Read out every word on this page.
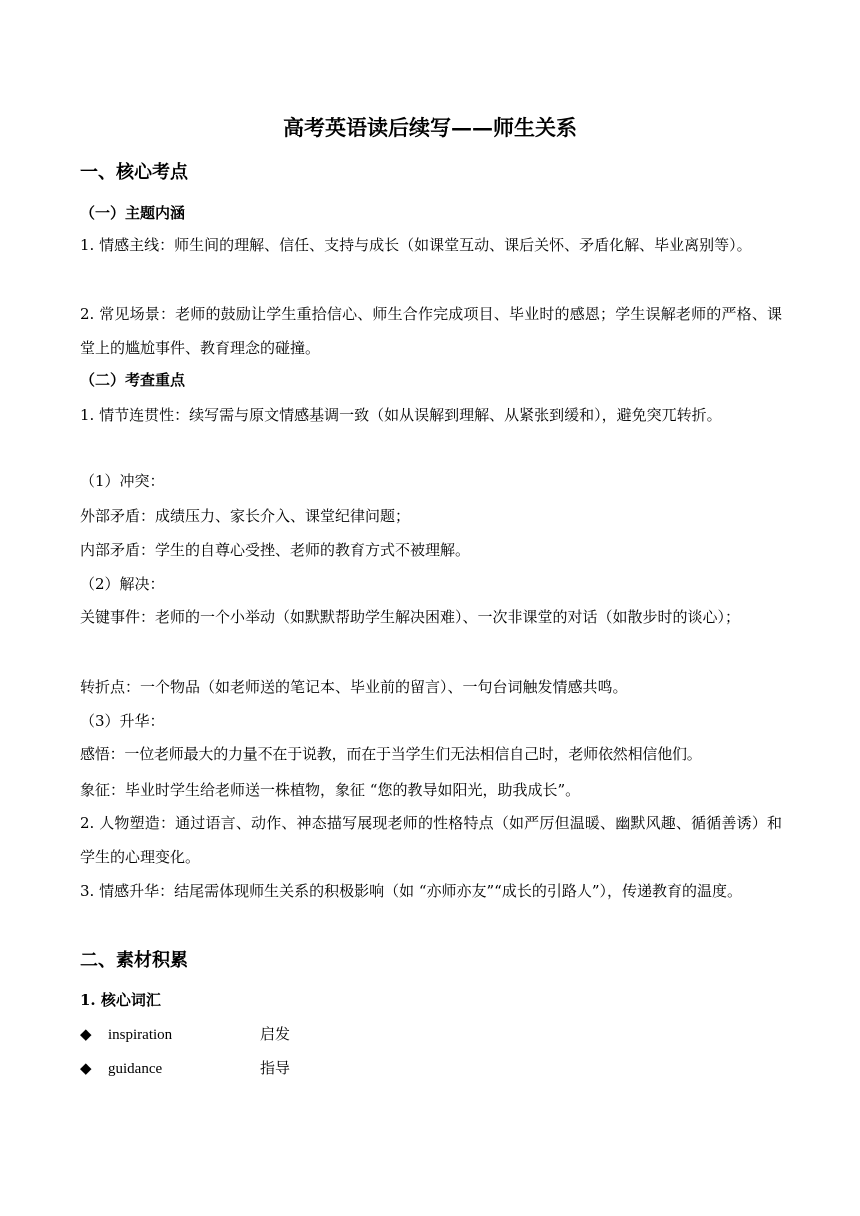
高考英语读后续写——师生关系
一、核心考点
（一）主题内涵
1. 情感主线：师生间的理解、信任、支持与成长（如课堂互动、课后关怀、矛盾化解、毕业离别等）。
2. 常见场景：老师的鼓励让学生重拾信心、师生合作完成项目、毕业时的感恩；学生误解老师的严格、课堂上的尴尬事件、教育理念的碰撞。
（二）考查重点
1. 情节连贯性：续写需与原文情感基调一致（如从误解到理解、从紧张到缓和），避免突兀转折。
（1）冲突：
外部矛盾：成绩压力、家长介入、课堂纪律问题；
内部矛盾：学生的自尊心受挫、老师的教育方式不被理解。
（2）解决：
关键事件：老师的一个小举动（如默默帮助学生解决困难）、一次非课堂的对话（如散步时的谈心）；
转折点：一个物品（如老师送的笔记本、毕业前的留言）、一句台词触发情感共鸣。
（3）升华：
感悟：一位老师最大的力量不在于说教，而在于当学生们无法相信自己时，老师依然相信他们。
象征：毕业时学生给老师送一株植物，象征 “您的教导如阳光，助我成长”。
2. 人物塑造：通过语言、动作、神态描写展现老师的性格特点（如严厉但温暖、幽默风趣、循循善诱）和学生的心理变化。
3. 情感升华：结尾需体现师生关系的积极影响（如 “亦师亦友”“成长的引路人”），传递教育的温度。
二、素材积累
1. 核心词汇
◆ inspiration	启发
◆ guidance	指导
